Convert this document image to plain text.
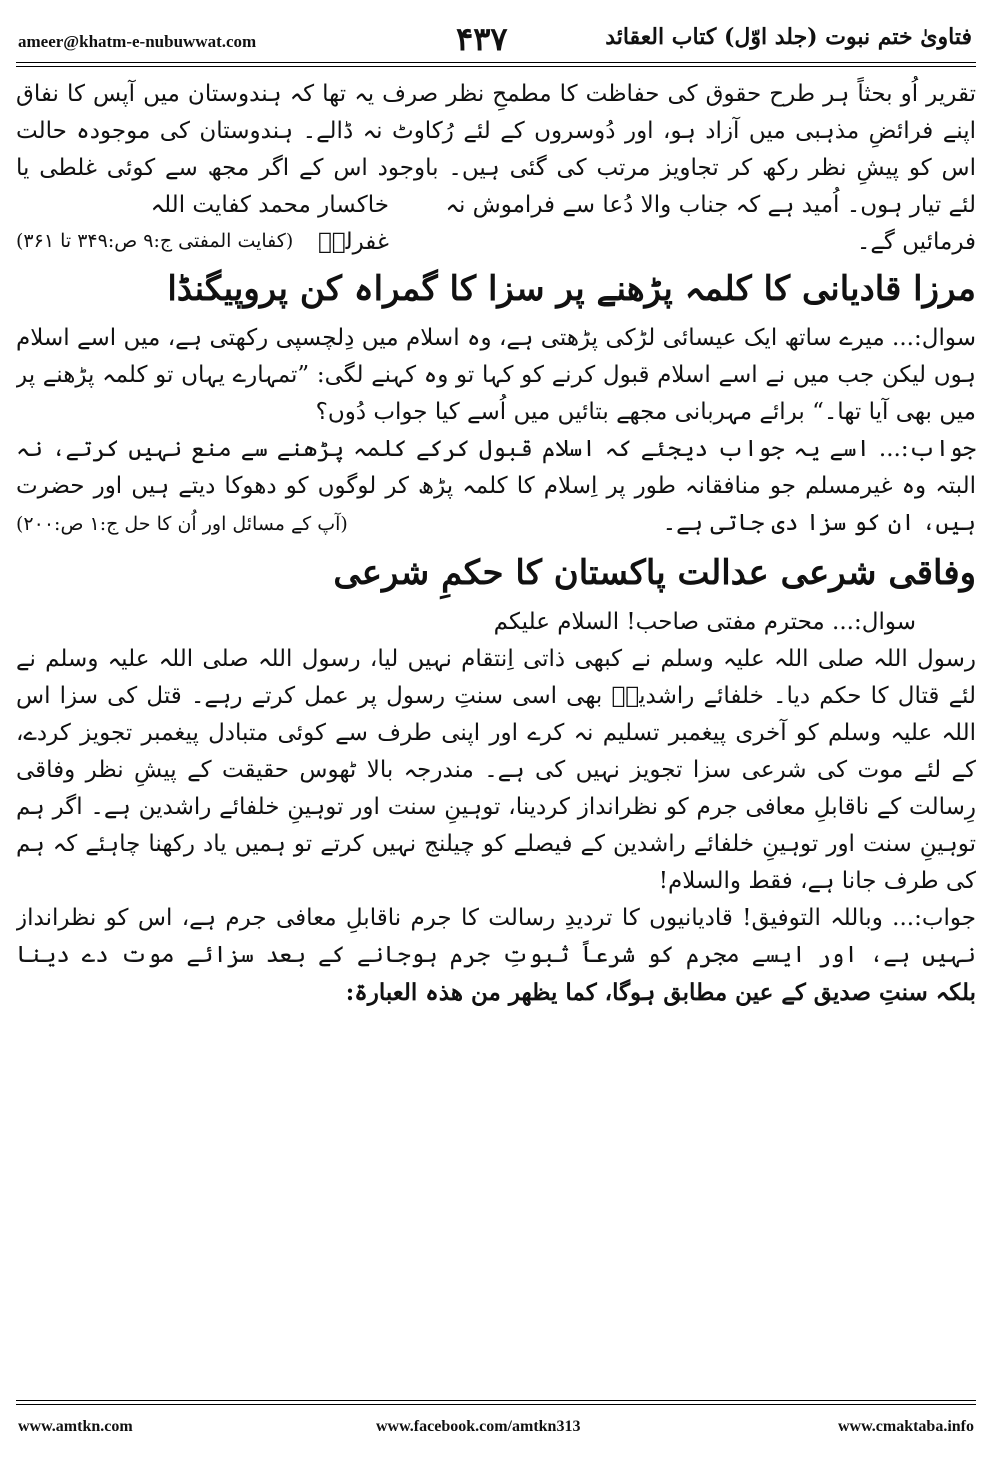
ameer@khatm-e-nubuwwat.com	۴۳۷	فتاویٰ ختم نبوت (جلد اوّل) کتاب العقائد
تقریر اُو بحثاً ہر طرح حقوق کی حفاظت کا مطمحِ نظر صرف یہ تھا کہ ہندوستان میں آپس کا نفاق
اپنے فرائضِ مذہبی میں آزاد ہو، اور دُوسروں کے لئے رُکاوٹ نہ ڈالے۔ ہندوستان کی موجودہ حالت
اس کو پیشِ نظر رکھ کر تجاویز مرتب کی گئی ہیں۔ باوجود اس کے اگر مجھ سے کوئی غلطی یا
لئے تیار ہوں۔ اُمید ہے کہ جناب والا دُعا سے فراموش نہ فرمائیں گے۔
خاکسار محمد کفایت اللہ غفرلہٗ
(کفایت المفتی ج:۹ ص:۳۴۹ تا ۳۶۱)
مرزا قادیانی کا کلمہ پڑھنے پر سزا کا گمراہ کن پروپیگنڈا
سوال:... میرے ساتھ ایک عیسائی لڑکی پڑھتی ہے، وہ اسلام میں دِلچسپی رکھتی ہے، میں اسے اسلام
ہوں لیکن جب میں نے اسے اسلام قبول کرنے کو کہا تو وہ کہنے لگی: ”تمہارے یہاں تو کلمہ پڑھنے پر
میں بھی آیا تھا۔“ برائے مہربانی مجھے بتائیں میں اُسے کیا جواب دُوں؟
جواب:... اسے یہ جواب دیجئے کہ اسلام قبول کرکے کلمہ پڑھنے سے منع نہیں کرتے، نہ
البتہ وہ غیرمسلم جو منافقانہ طور پر اِسلام کا کلمہ پڑھ کر لوگوں کو دھوکا دیتے ہیں اور حضرت
ہیں، ان کو سزا دی جاتی ہے۔
(آپ کے مسائل اور اُن کا حل ج:۱ ص:۲۰۰)
وفاقی شرعی عدالت پاکستان کا حکمِ شرعی
سوال:... محترم مفتی صاحب! السلام علیکم
رسول اللہ صلی اللہ علیہ وسلم نے کبھی ذاتی اِنتقام نہیں لیا، رسول اللہ صلی اللہ علیہ وسلم نے
لئے قتال کا حکم دیا۔ خلفائے راشدینؓ بھی اسی سنتِ رسول پر عمل کرتے رہے۔ قتل کی سزا اس
اللہ علیہ وسلم کو آخری پیغمبر تسلیم نہ کرے اور اپنی طرف سے کوئی متبادل پیغمبر تجویز کردے،
کے لئے موت کی شرعی سزا تجویز نہیں کی ہے۔ مندرجہ بالا ٹھوس حقیقت کے پیشِ نظر وفاقی
رِسالت کے ناقابلِ معافی جرم کو نظرانداز کردینا، توہینِ سنت اور توہینِ خلفائے راشدین ہے۔ اگر ہم
توہینِ سنت اور توہینِ خلفائے راشدین کے فیصلے کو چیلنج نہیں کرتے تو ہمیں یاد رکھنا چاہئے کہ ہم
کی طرف جانا ہے، فقط والسلام!
جواب:... وباللہ التوفیق! قادیانیوں کا تردیدِ رسالت کا جرم ناقابلِ معافی جرم ہے، اس کو نظرانداز
نہیں ہے، اور ایسے مجرم کو شرعاً ثبوتِ جرم ہوجانے کے بعد سزائے موت دے دینا
بلکہ سنتِ صدیق کے عین مطابق ہوگا، کما یظھر من ھذہ العبارۃ:
www.amtkn.com	www.facebook.com/amtkn313	www.cmaktaba.info
